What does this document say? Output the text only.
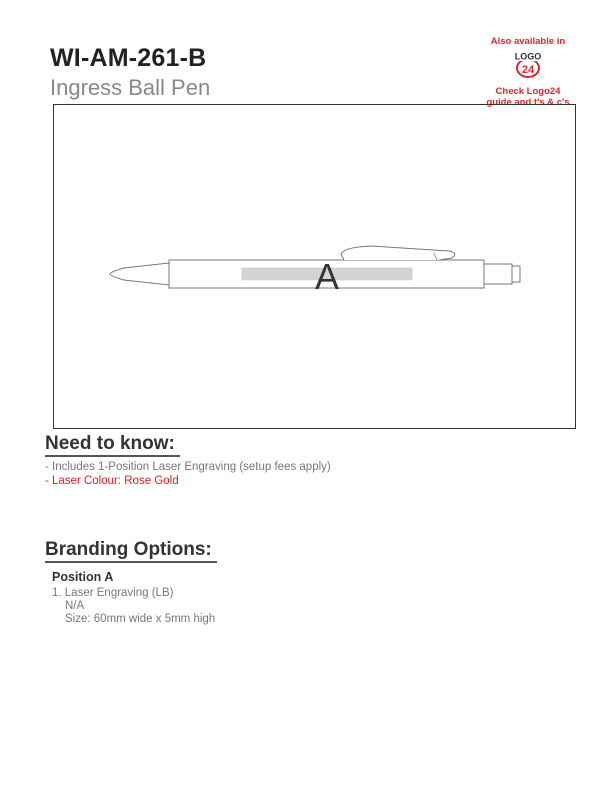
WI-AM-261-B
Ingress Ball Pen
Also available in
LOGO
24
Check Logo24
guide and t's & c's
A
Need to know:
- Includes 1-Position Laser Engraving (setup fees apply)
- Laser Colour: Rose Gold
Branding Options:
Position A
1. Laser Engraving (LB)
N/A
Size: 60mm wide x 5mm high
